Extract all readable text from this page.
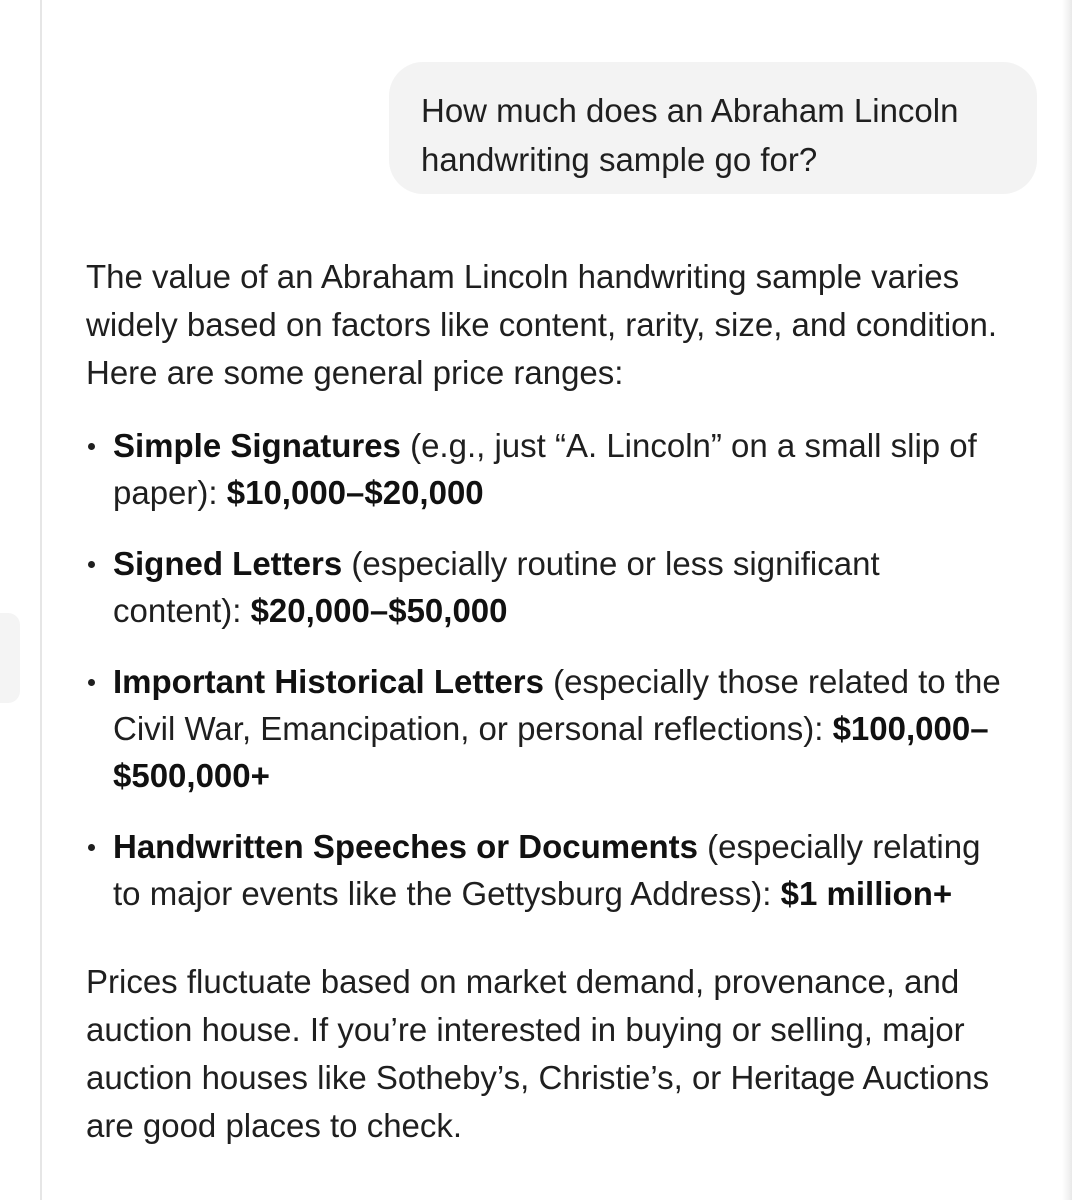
How much does an Abraham Lincoln handwriting sample go for?

The value of an Abraham Lincoln handwriting sample varies widely based on factors like content, rarity, size, and condition. Here are some general price ranges:

Simple Signatures (e.g., just “A. Lincoln” on a small slip of paper): $10,000–$20,000
Signed Letters (especially routine or less significant content): $20,000–$50,000
Important Historical Letters (especially those related to the Civil War, Emancipation, or personal reflections): $100,000–$500,000+
Handwritten Speeches or Documents (especially relating to major events like the Gettysburg Address): $1 million+

Prices fluctuate based on market demand, provenance, and auction house. If you’re interested in buying or selling, major auction houses like Sotheby’s, Christie’s, or Heritage Auctions are good places to check.
